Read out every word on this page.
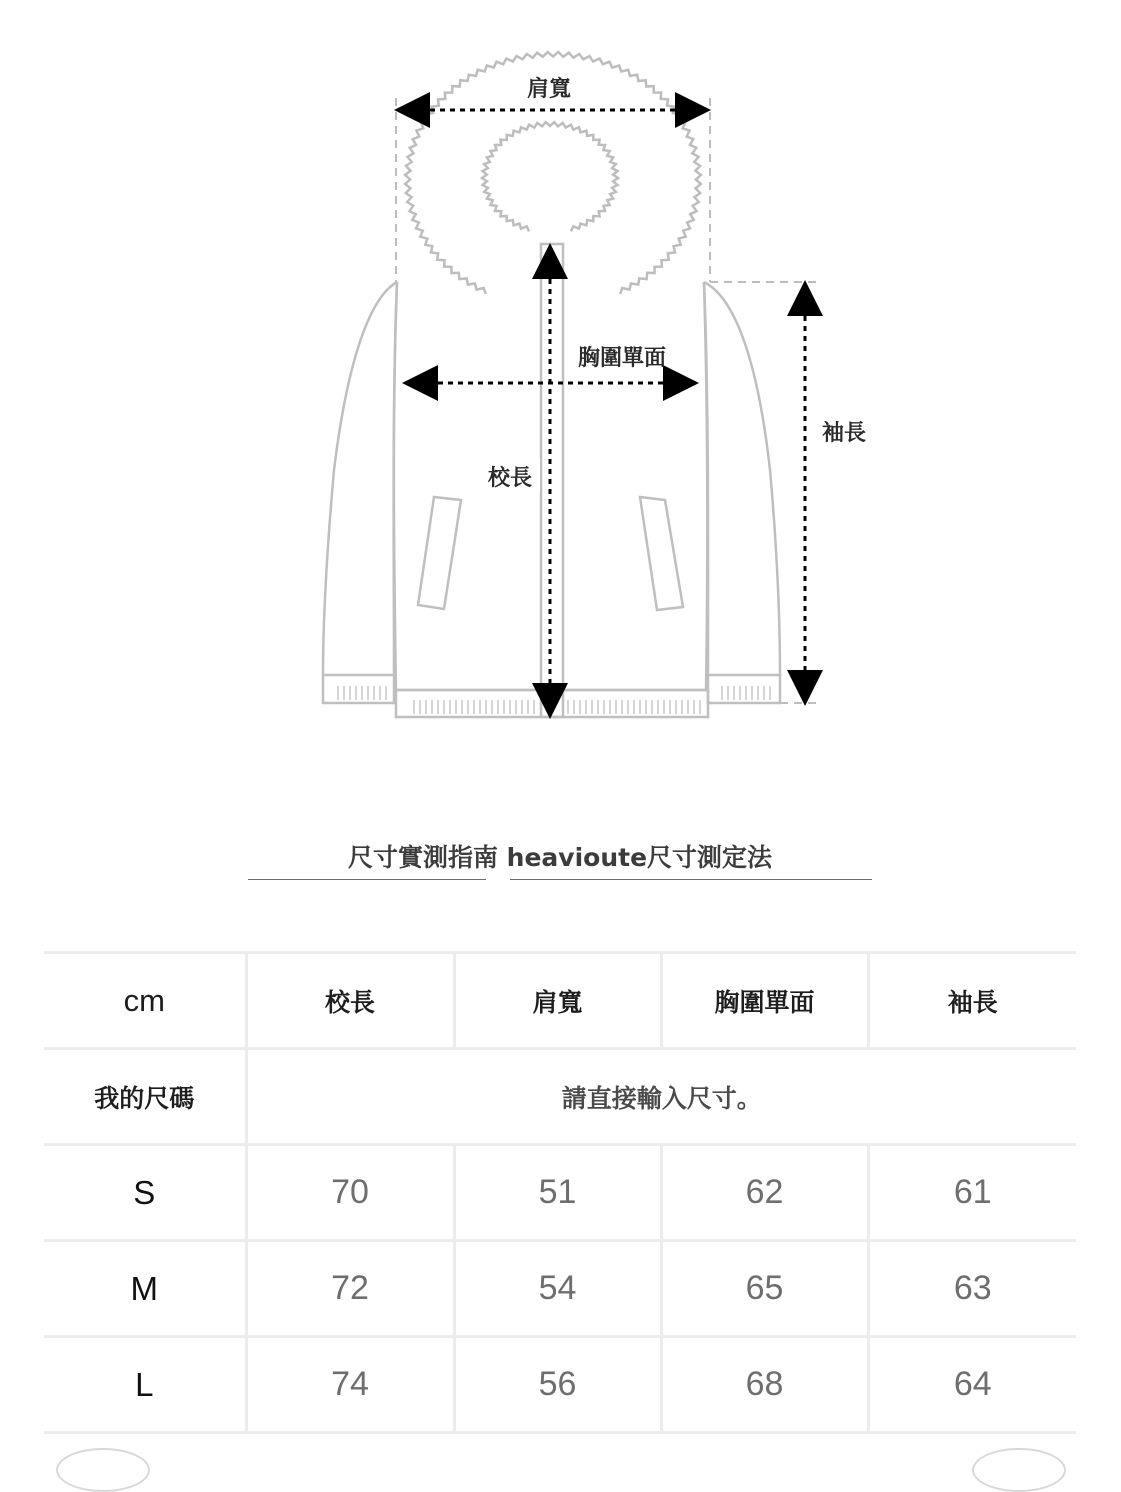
肩寬
胸圍單面
校長
袖長
尺寸實測指南 heavioute尺寸測定法
cm	校長	肩寬	胸圍單面	袖長
我的尺碼	請直接輸入尺寸。			
S	70	51	62	61
M	72	54	65	63
L	74	56	68	64
